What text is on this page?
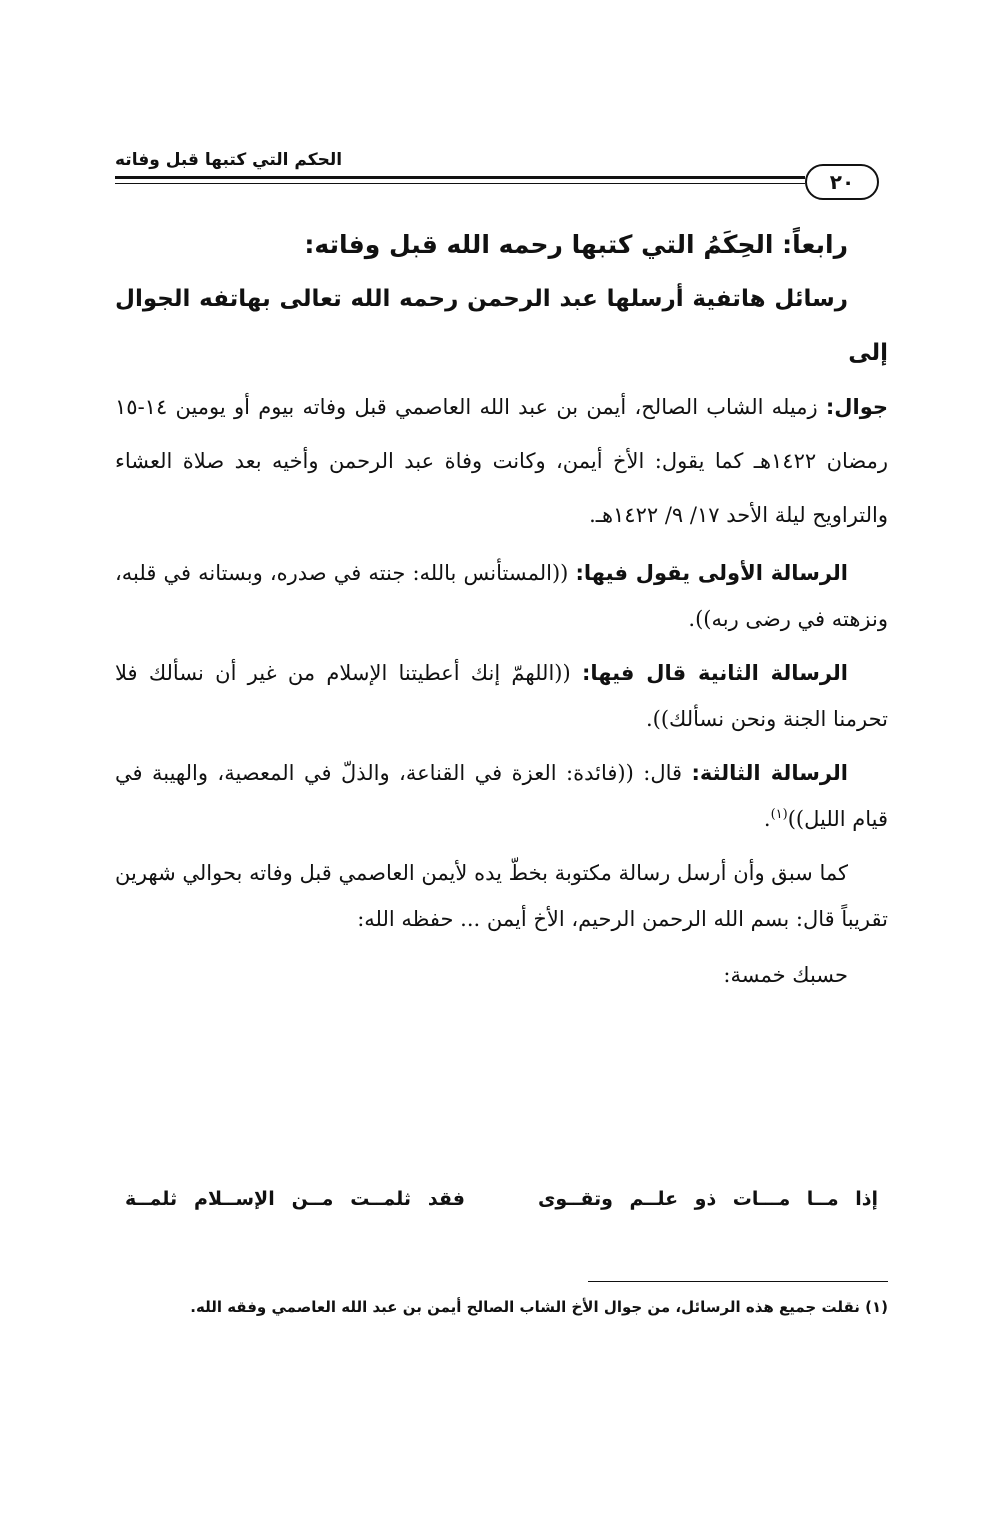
الحكم التي كتبها قبل وفاته
٢٠

رابعاً: الحِكَمُ التي كتبها رحمه الله قبل وفاته:

رسائل هاتفية أرسلها عبد الرحمن رحمه الله تعالى بهاتفه الجوال إلى

جوال: زميله الشاب الصالح، أيمن بن عبد الله العاصمي قبل وفاته بيوم أو يومين ١٤-١٥ رمضان ١٤٢٢هـ كما يقول: الأخ أيمن، وكانت وفاة عبد الرحمن وأخيه بعد صلاة العشاء والتراويح ليلة الأحد ١٧/ ٩/ ١٤٢٢هـ.

الرسالة الأولى يقول فيها: ((المستأنس بالله: جنته في صدره، وبستانه في قلبه، ونزهته في رضى ربه)).

الرسالة الثانية قال فيها: ((اللهمّ إنك أعطيتنا الإسلام من غير أن نسألك فلا تحرمنا الجنة ونحن نسألك)).

الرسالة الثالثة: قال: ((فائدة: العزة في القناعة، والذلّ في المعصية، والهيبة في قيام الليل))$^{(١)}$.

كما سبق وأن أرسل رسالة مكتوبة بخطّ يده لأيمن العاصمي قبل وفاته بحوالي شهرين تقريباً قال: بسم الله الرحمن الرحيم، الأخ أيمن ... حفظه الله:

حسبك خمسة:

إذا مــا مـــات ذو علــم وتقــوى
فقد ثلمــت مــن الإســلام ثلمــة
(١) نقلت جميع هذه الرسائل، من جوال الأخ الشاب الصالح أيمن بن عبد الله العاصمي وفقه الله.
